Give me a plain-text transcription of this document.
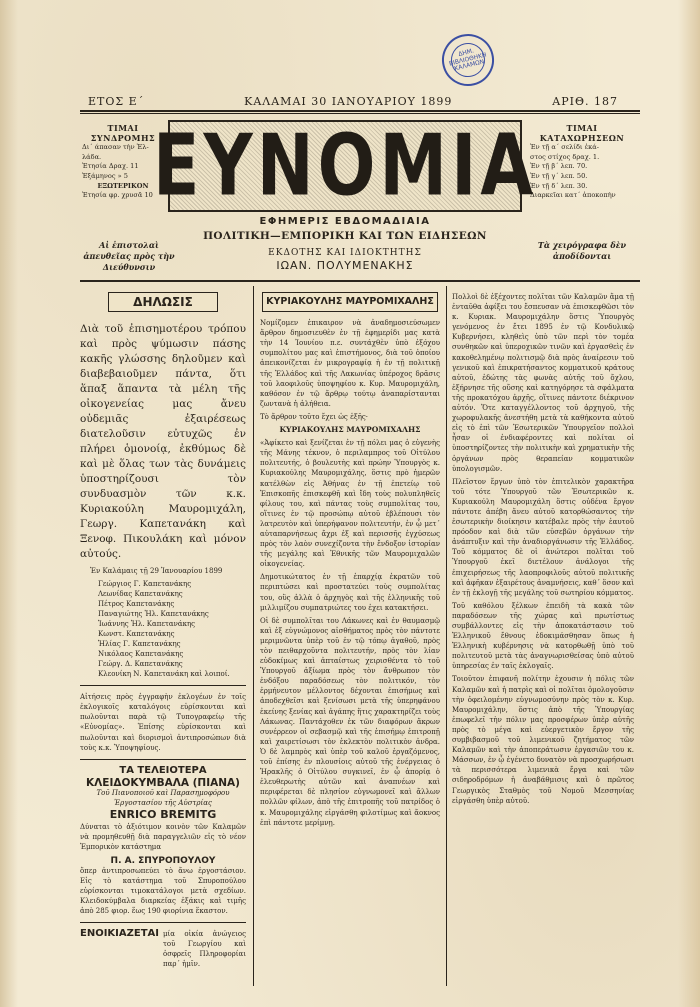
ΔΗΜ. ΒΙΒΛΙΟΘΗΚΗ ΚΑΛΑΜΩΝ
ΕΤΟΣ Ε΄	ΚΑΛΑΜΑΙ 30 ΙΑΝΟΥΑΡΙΟΥ 1899	ΑΡΙΘ. 187
ΤΙΜΑΙ ΣΥΝΔΡΟΜΗΣ
Δι΄ άπασαν τὴν Ἑλ-
λάδα.
Ἐτησία Δραχ. 11
Ἑξάμηνος » 5
ΕΞΩΤΕΡΙΚΟΝ
Ἐτησία φρ. χρυσᾶ 10 ΕΥΝΟΜΙΑ	ΤΙΜΑΙ ΚΑΤΑΧΩΡΗΣΕΩΝ
Ἐν τῇ α΄ σελίδι ἑκά-
στος στίχος δραχ. 1.
Ἐν τῇ β΄ λεπ. 70.
Ἐν τῇ γ΄ λεπ. 50.
Ἐν τῇ δ΄ λεπ. 30.
Διαρκεῖαι κατ΄ ἀποκοπὴν
ΕΦΗΜΕΡΙΣ ΕΒΔΟΜΑΔΙΑΙΑ
ΠΟΛΙΤΙΚΗ—ΕΜΠΟΡΙΚΗ ΚΑΙ ΤΩΝ ΕΙΔΗΣΕΩΝ
ΕΚΔΟΤΗΣ ΚΑΙ ΙΔΙΟΚΤΗΤΗΣ
ΙΩΑΝ. ΠΟΛΥΜΕΝΑΚΗΣ
Αἱ ἐπιστολαὶ ἀπευθεῖας πρὸς τὴν Διεύθυνσιν
Τὰ χειρόγραφα δὲν ἀποδίδονται
ΔΗΛΩΣΙΣ

Διὰ τοῦ ἐπισημοτέρου τρόπου καὶ πρὸς ψύμωσιν πάσης κακῆς γλώσσης δηλοῦμεν καὶ διαβεβαιοῦμεν πάντα, ὅτι ἅπαξ ἅπαντα τὰ μέλη τῆς οἰκογενείας μας ἄνευ οὐδεμιᾶς ἐξαιρέσεως διατελοῦσιν εὐτυχῶς ἐν πλήρει ὁμονοίᾳ, ἐκθύμως δὲ καὶ μὲ ὅλας των τὰς δυνάμεις ὑποστηρίζουσι τὸν συνδυασμὸν τῶν κ.κ. Κυριακούλη Μαυρομιχάλη, Γεωργ. Καπετανάκη καὶ Ξενοφ. Πικουλάκη καὶ μόνον αὐτούς.

Ἐν Καλάμαις τῇ 29 Ἰανουαρίου 1899

Γεώργιος Γ. Καπετανάκης
Λεωνίδας Καπετανάκης
Πέτρος Καπετανάκης
Παναγιώτης Ἠλ. Καπετανάκης
Ἰωάννης Ἠλ. Καπετανάκης
Κωνστ. Καπετανάκης
Ἠλίας Γ. Καπετανάκης
Νικόλαος Καπετανάκης
Γεώργ. Δ. Καπετανάκης
Κλεονίκη Ν. Καπετανάκη καὶ λοιποί.

Αἰτήσεις πρὸς ἐγγραφὴν ἐκλογέων ἐν τοῖς ἐκλογικοῖς καταλόγοις εὑρίσκονται καὶ πωλοῦνται παρὰ τῷ Τυπογραφείῳ τῆς «Εὐνομίας». Ἐπίσης εὑρίσκονται καὶ πωλοῦνται καὶ διορισμοὶ ἀντιπροσώπων διὰ τοὺς κ.κ. Ὑποψηφίους.

ΤΑ ΤΕΛΕΙΟΤΕΡΑ
ΚΛΕΙΔΟΚΥΜΒΑΛΑ (ΠΙΑΝΑ)
Τοῦ Πιανοποιοῦ καὶ Παρασημοφόρου Ἐργοστασίου τῆς Αὐστρίας
ENRICO BREMITG

Δύναται τὸ ἀξιότιμον κοινὸν τῶν Καλαμῶν νὰ προμηθευθῇ διὰ παραγγελιῶν εἰς τὸ νέον Ἐμπορικὸν κατάστημα

Π. Α. ΣΠΥΡΟΠΟΥΛΟΥ

ὅπερ ἀντιπροσωπεύει τὸ ἄνω ἐργοστάσιον. Εἰς τὸ κατάστημα τοῦ Σπυροπούλου εὑρίσκονται τιμοκατάλογοι μετὰ σχεδίων. Κλειδοκύμβαλα διαρκείας ἐξάκις καὶ τιμῆς ἀπὸ 285 φιορ. ἕως 190 φιορίνια ἕκαστον.

ΕΝΟΙΚΙΑΖΕΤΑΙ μία οἰκία ἀνώγειος τοῦ Γεωργίου καὶ ὀσφρεῖς Πληροφορίαι παρ΄ ἡμῖν.
ΚΥΡΙΑΚΟΥΛΗΣ ΜΑΥΡΟΜΙΧΑΛΗΣ

Νομίζομεν ἐπικαιρον νὰ ἀναδημοσιεύσωμεν ἄρθρον δημοσιευθὲν ἐν τῇ ἐφημερίδι μας κατὰ τὴν 14 Ἰουνίου π.ε. συντάχθὲν ὑπὸ ἐξόχου συμπολίτου μας καὶ ἐπιστήμονος, διὰ τοῦ ὁποίου ἀπεικονίζεται ἐν μικρογραφίᾳ ἡ ἐν τῇ πολιτικῇ τῆς Ἑλλάδος καὶ τῆς Λακωνίας ὑπέροχος δρᾶσις τοῦ λαοφιλοῦς ὑποψηφίου κ. Κυρ. Μαυρομιχάλη, καθόσον ἐν τῷ ἄρθρῳ τούτῳ ἀναπαρίστανται ζωντανὰ ἡ ἀλήθεια.

Τὸ ἄρθρον τοῦτο ἔχει ὡς ἑξῆς·

ΚΥΡΙΑΚΟΥΛΗΣ ΜΑΥΡΟΜΙΧΑΛΗΣ

«Ἀφίκετο καὶ ξενίζεται ἐν τῇ πόλει μας ὁ εὐγενὴς τῆς Μάνης τέκνον, ὁ περιλαμπρος τοῦ Οἰτύλου πολιτευτής, ὁ βουλευτὴς καὶ πρώην Ὑπουργὸς κ. Κυριακούλης Μαυρομιχάλης, ὅστις πρὸ ἡμερῶν κατέλθὼν εἰς Ἀθήνας ἐν τῇ ἐπετείῳ τοῦ Ἐπισκοπῆς ἐπισκεφθῆ καὶ ἴδη τοὺς πολυπληθεῖς φίλους του, καὶ πάντας τοὺς συμπολίτας του, οἵτινες ἐν τῷ προσώπῳ αὐτοῦ ἐβλέπουσι τὸν λατρευτὸν καὶ ὑπερήφανον πολιτευτήν, ἐν ᾧ μετ΄ αὐταπαρνήσεως ἄχρι ἐξ καὶ περισσῆς ἐγχύσεως πρὸς τὸν λαὸν συνεχίζοντα τὴν ἔνδοξον ἱστορίαν τῆς μεγάλης καὶ Ἐθνικῆς τῶν Μαυρομιχαλῶν οἰκογενείας.

Δημοτικώτατος ἐν τῇ ἐπαρχίᾳ ἐκρατῶν τοῦ περιπτώσει καὶ προστατεύει τοὺς συμπολίτας του, οὓς ἀλλὰ ὁ ἀρχηγὸς καὶ τῆς ἐλληνικῆς τοῦ μιλλιμίζου συμπατριώτες του ἐχει κατακτήσει.

Οἱ δὲ συμπολῖται του Λάκωνες καὶ ἐν θαυμασμῷ καὶ ἐξ εὐγνώμονος αἰσθήματος πρὸς τὸν πάντοτε μεριμνῶντα ὑπὲρ τοῦ ἐν τῷ τόπῳ ἀγαθοῦ, πρὸς τὸν πειθαρχοῦντα πολιτευτήν, πρὸς τὸν λίαν εὐδοκίμως καὶ ἀπταίστως χειρισθέντα τὸ τοῦ Ὑπουργοῦ ἀξίωμα πρὸς τὸν ἄνθρωπον τὸν ἐνδόξου παραδόσεως τὸν πολιτικόν, τὸν ἐρμήνευτον μέλλοντος δέχονται ἐπισήμως καὶ ἀποδεχθεῖσι καὶ ξενίσωσι μετὰ τῆς ὑπερηφάνου ἐκείνης ξενίας καὶ ἀγάπης ἥτις χαρακτηρίζει τοὺς Λάκωνας. Παντάχοθεν ἐκ τῶν διαφόρων ἄκρων συνέρρεον οἱ σεβασμῷ καὶ τῆς ἐπισήμῳ ἐπιτροπῇ καὶ χαιρετίσωσι τὸν ἐκλεκτὸν πολιτικὸν ἀνδρα. Ὁ δὲ λαμπρὸς καὶ ὑπὲρ τοῦ καλοῦ ἐργαζόμενος, τοῦ ἐπίσης ἐν πλουσίοις αὐτοῦ τῆς ἐνέργειας ὁ Ἠρακλῆς ὁ Οἰτύλου συγκινεῖ, ἐν ᾧ ἀπορίᾳ ὁ ἐλευθερωτὴς αὐτῶν καὶ ἀναπνέων καὶ περιφέρεται δὲ πλησίον εὐγνωμονεῖ καὶ ἄλλων πολλῶν φίλων, ἀπὸ τῆς ἐπιτροπῆς τοῦ πατρίδος ὁ κ. Μαυρομιχάλης εἰργάσθη φιλοτίμως καὶ ἄοκνος ἐπὶ πάντοτε μερίμνῃ.

Πολλοὶ δὲ ἐξέχοντες πολῖται τῶν Καλαμῶν ἅμα τῇ ἐνταῦθα ἀφίξει του ἔσπευσαν νὰ ἐπισκεφθῶσι τὸν κ. Κυριακ. Μαυρομιχάλην ὅστις Ὑπουργὸς γενόμενος ἐν ἔτει 1895 ἐν τῷ Κονδυλικῷ Κυβερνήσει, κληθεὶς ὑπὸ τῶν περὶ τὸν τομέα συνθηκῶν καὶ ὑπεροχικῶν τινῶν καὶ ἐργασθεὶς ἐν κακοθελημένῳ πολιτισμῷ διὰ πρὸς ἀναίρεσιν τοῦ γενικοῦ καὶ ἐπικρατήσαντος κομματικοῦ κράτους αὐτοῦ, ἐδώτης τὰς φωνὰς αὐτῆς τοῦ ὄχλου, ἐξήρνησε τῆς οὔσης καὶ κατηγόρησε τὰ σφάλματα τῆς προκατόχου ἀρχῆς, οἵτινες πάντοτε διέκρινον αὐτόν. Ὅτε καταγγέλλοντος τοῦ ἀρχηγοῦ, τῆς χωροφυλακῆς ἀνεστήθη μετὰ τὰ καθήκοντα αὐτοῦ εἰς τὸ ἐπὶ τῶν Ἐσωτερικῶν Ὑπουργεῖον πολλοὶ ἦσαν οἱ ἐνδιαφέροντες καὶ πολίται οἱ ὑποστηρίζοντες τὴν πολιτικὴν καὶ χρηματικὴν τῆς ὀργάνων πρὸς θεραπείαν κομματικῶν ὑπολογισμῶν.

Πλεῖστον ἔργων ὑπὸ τὸν ἐπιτελικὸν χαρακτῆρα τοῦ τότε Ὑπουργοῦ τῶν Ἐσωτερικῶν κ. Κυριακούλη Μαυρομιχάλη ὅστις οὐδένα ἔργον πάντοτε ἀπέβη ἄνευ αὐτοῦ κατορθώσαντος τὴν ἐσωτερικὴν διοίκησιν κατέβαλε πρὸς τὴν ἑαυτοῦ πρόοδον καὶ διὰ τῶν εὐσεβῶν ὀργάνων τὴν ἀνάπτυξιν καὶ τὴν ἀναδιοργάνωσιν τῆς Ἑλλάδος. Τοῦ κόμματος δὲ οἱ ἀνώτεροι πολῖται τοῦ Ὑπουργοῦ ἐκεῖ διετέλουν ἀνάλογοι τῆς ἐπιχειρήσεως τῆς λαοπροφιλοῦς αὐτοῦ πολιτικῆς καὶ ἀφῆκαν ἐξαιρέτους ἀναμνήσεις, καθ΄ ὅσον καὶ ἐν τῇ ἐκλογῇ τῆς μεγάλης τοῦ σωτηρίου κόμματος.

Τοῦ καθόλου ξέλκων ἐπειδὴ τὰ κακὰ τῶν παραδόσεων τῆς χώρας καὶ πρωτίστως συμβάλλοντες εἰς τὴν ἀποκατάστασιν τοῦ Ἑλληνικοῦ ἔθνους ἐδοκιμάσθησαν ὅπως ἡ Ἑλληνικὴ κυβέρνησις νὰ κατορθωθῇ ὑπὸ τοῦ πολιτευτοῦ μετὰ τὰς ἀναγνωρισθείσας ὑπὸ αὐτοῦ ὑπηρεσίας ἐν ταῖς ἐκλογαῖς.

Τοιοῦτον ἐπιφανῆ πολίτην ἐχουσιν ἡ πόλις τῶν Καλαμῶν καὶ ἡ πατρὶς καὶ οἱ πολῖται ὁμολογοῦσιν τὴν ὀφειλομένην εὐγνωμοσύνην πρὸς τὸν κ. Κυρ. Μαυρομιχάλην, ὅστις ἀπὸ τῆς Ὑπουργίας ἐπωφελεῖ τὴν πόλιν μας προσφέρων ὑπὲρ αὐτῆς πρὸς τὸ μέγα καὶ εὐεργετικὸν ἔργον τῆς συμβιβασμοῦ τοῦ λιμενικοῦ ζητήματος τῶν Καλαμῶν καὶ τὴν ἀποπεράτωσιν ἐργασιῶν του κ. Μάσσων, ἐν ᾧ ἐγένετο δυνατὸν νὰ προσχωρήσωσι τὰ περισσότερα λιμενικὰ ἔργα καὶ τῶν σιδηροδρόμων ἡ ἀναβάθμισις καὶ ὁ πρῶτος Γεωργικὸς Σταθμὸς τοῦ Νομοῦ Μεσσηνίας εἰργάσθη ὑπὲρ αὐτοῦ.
